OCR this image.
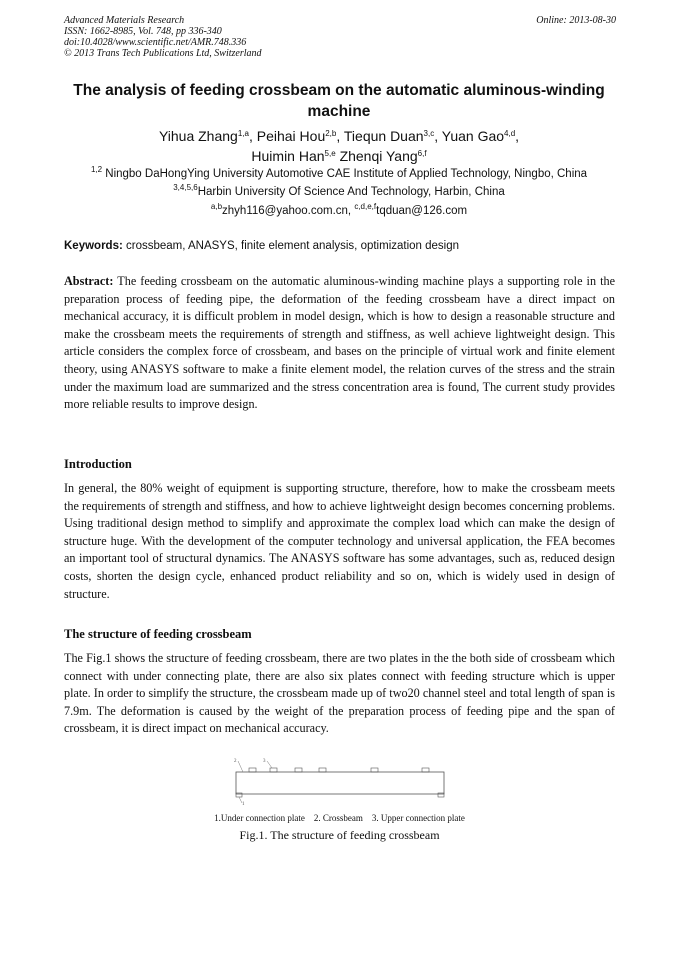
Advanced Materials Research
ISSN: 1662-8985, Vol. 748, pp 336-340
doi:10.4028/www.scientific.net/AMR.748.336
© 2013 Trans Tech Publications Ltd, Switzerland
Online: 2013-08-30
The analysis of feeding crossbeam on the automatic aluminous-winding machine
Yihua Zhang$^{1,a}$, Peihai Hou$^{2,b}$, Tiequn Duan$^{3,c}$, Yuan Gao$^{4,d}$,
Huimin Han$^{5,e}$ Zhenqi Yang$^{6,f}$
$^{1,2}$ Ningbo DaHongYing University Automotive CAE Institute of Applied Technology, Ningbo, China
$^{3,4,5,6}$Harbin University Of Science And Technology, Harbin, China
$^{a,b}$zhyh116@yahoo.com.cn, $^{c,d,e,f}$tqduan@126.com
Keywords: crossbeam, ANASYS, finite element analysis, optimization design
Abstract: The feeding crossbeam on the automatic aluminous-winding machine plays a supporting role in the preparation process of feeding pipe, the deformation of the feeding crossbeam have a direct impact on mechanical accuracy, it is difficult problem in model design, which is how to design a reasonable structure and make the crossbeam meets the requirements of strength and stiffness, as well achieve lightweight design. This article considers the complex force of crossbeam, and bases on the principle of virtual work and finite element theory, using ANASYS software to make a finite element model, the relation curves of the stress and the strain under the maximum load are summarized and the stress concentration area is found, The current study provides more reliable results to improve design.
Introduction
In general, the 80% weight of equipment is supporting structure, therefore, how to make the crossbeam meets the requirements of strength and stiffness, and how to achieve lightweight design becomes concerning problems. Using traditional design method to simplify and approximate the complex load which can make the design of structure huge. With the development of the computer technology and universal application, the FEA becomes an important tool of structural dynamics. The ANASYS software has some advantages, such as, reduced design costs, shorten the design cycle, enhanced product reliability and so on, which is widely used in design of structure.
The structure of feeding crossbeam
The Fig.1 shows the structure of feeding crossbeam, there are two plates in the the both side of crossbeam which connect with under connecting plate, there are also six plates connect with feeding structure which is upper plate. In order to simplify the structure, the crossbeam made up of two20 channel steel and total length of span is 7.9m. The deformation is caused by the weight of the preparation process of feeding pipe and the span of crossbeam, it is direct impact on mechanical accuracy.
2	3
1
1.Under connection plate    2. Crossbeam    3. Upper connection plate
Fig.1. The structure of feeding crossbeam
